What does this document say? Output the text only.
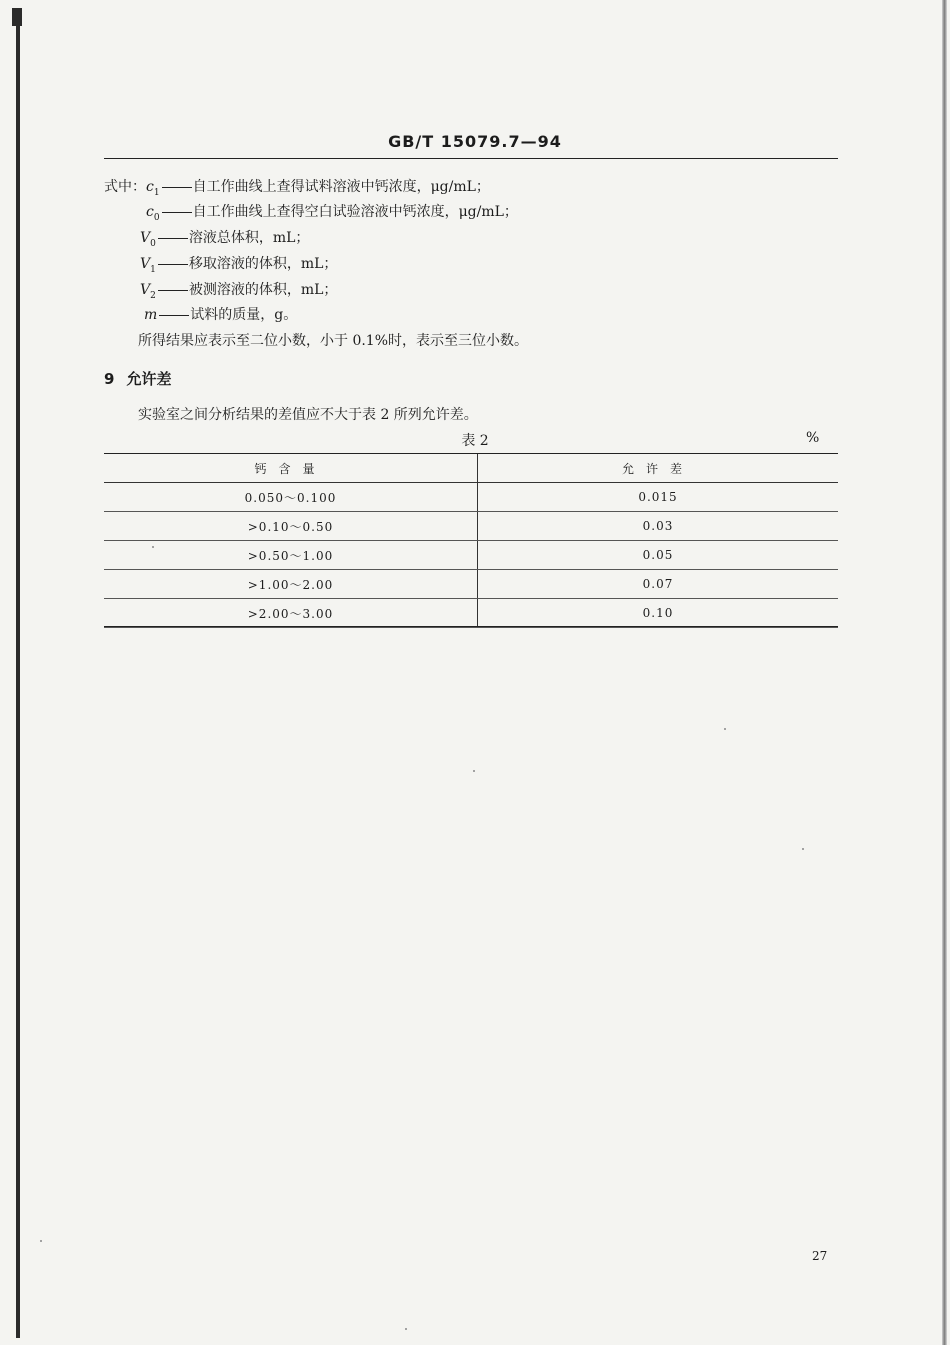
GB/T 15079.7—94
式中：$c_1$ 自工作曲线上查得试料溶液中钙浓度，μg/mL；
$c_0$ 自工作曲线上查得空白试验溶液中钙浓度，μg/mL；
$V_0$ 溶液总体积，mL；
$V_1$ 移取溶液的体积，mL；
$V_2$ 被测溶液的体积，mL；
m 试料的质量，g。
所得结果应表示至二位小数，小于 0.1%时，表示至三位小数。
9 允许差
实验室之间分析结果的差值应不大于表 2 所列允许差。
表 2	%
钙含量	允许差
0.050～0.100	0.015
>0.10～0.50	0.03
>0.50～1.00	0.05
>1.00～2.00	0.07
>2.00～3.00	0.10
27
